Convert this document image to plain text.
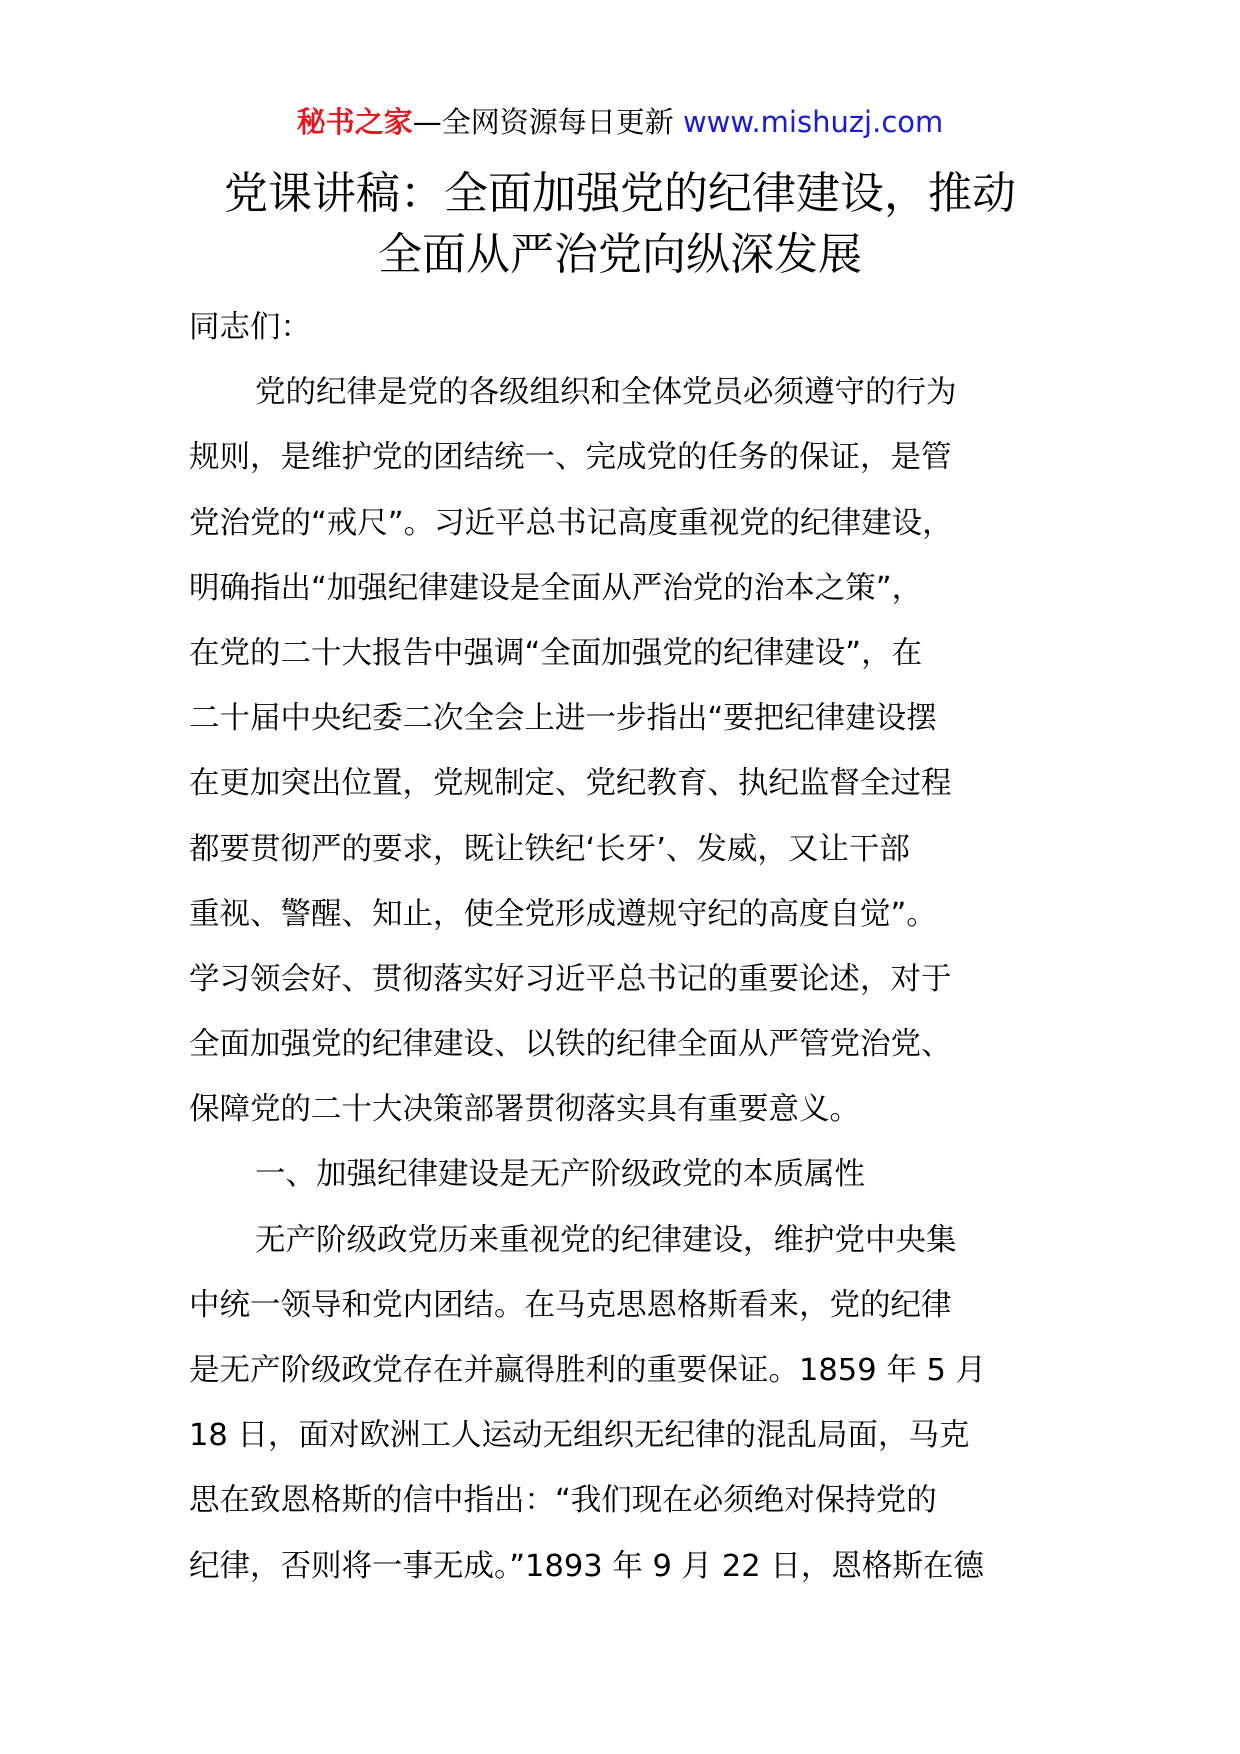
秘书之家—全网资源每日更新 www.mishuzj.com
党课讲稿：全面加强党的纪律建设，推动
全面从严治党向纵深发展
同志们：
党的纪律是党的各级组织和全体党员必须遵守的行为
规则，是维护党的团结统一、完成党的任务的保证，是管
党治党的“戒尺”。习近平总书记高度重视党的纪律建设，
明确指出“加强纪律建设是全面从严治党的治本之策”，
在党的二十大报告中强调“全面加强党的纪律建设”，在
二十届中央纪委二次全会上进一步指出“要把纪律建设摆
在更加突出位置，党规制定、党纪教育、执纪监督全过程
都要贯彻严的要求，既让铁纪‘长牙’、发威，又让干部
重视、警醒、知止，使全党形成遵规守纪的高度自觉”。
学习领会好、贯彻落实好习近平总书记的重要论述，对于
全面加强党的纪律建设、以铁的纪律全面从严管党治党、
保障党的二十大决策部署贯彻落实具有重要意义。
一、加强纪律建设是无产阶级政党的本质属性
无产阶级政党历来重视党的纪律建设，维护党中央集
中统一领导和党内团结。在马克思恩格斯看来，党的纪律
是无产阶级政党存在并赢得胜利的重要保证。1859 年 5 月
18 日，面对欧洲工人运动无组织无纪律的混乱局面，马克
思在致恩格斯的信中指出：“我们现在必须绝对保持党的
纪律，否则将一事无成。”1893 年 9 月 22 日，恩格斯在德
